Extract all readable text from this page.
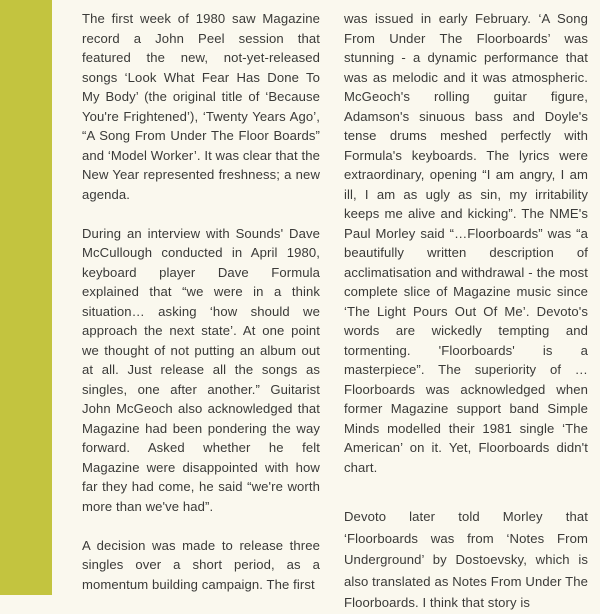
The first week of 1980 saw Magazine record a John Peel session that featured the new, not-yet-released songs ‘Look What Fear Has Done To My Body’ (the original title of ‘Because You're Frightened’), ‘Twenty Years Ago’, “A Song From Under The Floor Boards” and ‘Model Worker’. It was clear that the New Year represented freshness; a new agenda.

During an interview with Sounds' Dave McCullough conducted in April 1980, keyboard player Dave Formula explained that “we were in a think situation… asking ‘how should we approach the next state’. At one point we thought of not putting an album out at all. Just release all the songs as singles, one after another.” Guitarist John McGeoch also acknowledged that Magazine had been pondering the way forward. Asked whether he felt Magazine were disappointed with how far they had come, he said “we're worth more than we've had”.

A decision was made to release three singles over a short period, as a momentum building campaign. The first

was issued in early February. ‘A Song From Under The Floorboards’ was stunning - a dynamic performance that was as melodic and it was atmospheric. McGeoch's rolling guitar figure, Adamson's sinuous bass and Doyle's tense drums meshed perfectly with Formula's keyboards. The lyrics were extraordinary, opening “I am angry, I am ill, I am as ugly as sin, my irritability keeps me alive and kicking”. The NME's Paul Morley said “…Floorboards” was “a beautifully written description of acclimatisation and withdrawal - the most complete slice of Magazine music since ‘The Light Pours Out Of Me’. Devoto's words are wickedly tempting and tormenting. 'Floorboards' is a masterpiece”. The superiority of …Floorboards was acknowledged when former Magazine support band Simple Minds modelled their 1981 single ‘The American’ on it. Yet, Floorboards didn't chart.

Devoto later told Morley that ‘Floorboards was from ‘Notes From Underground’ by Dostoevsky, which is also translated as Notes From Under The Floorboards. I think that story is
